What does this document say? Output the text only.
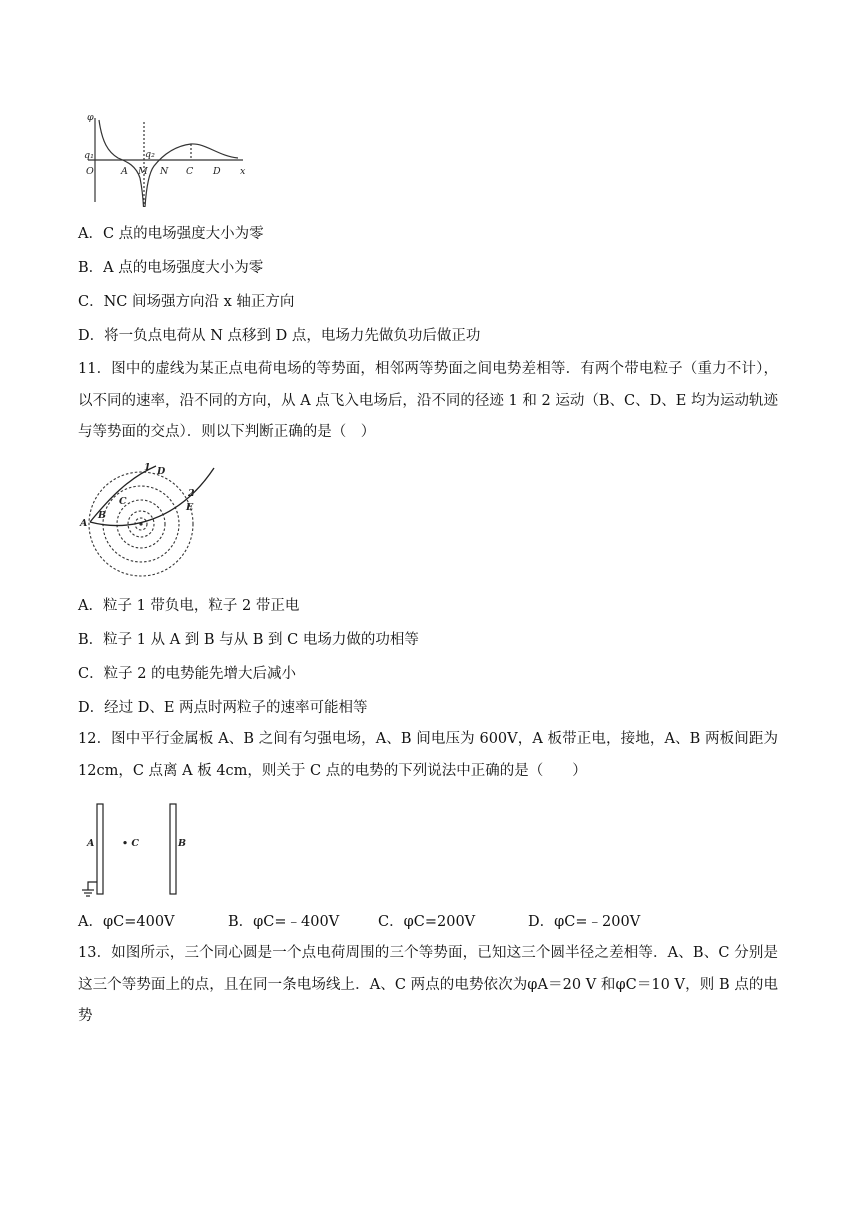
φ
q₁	q₂
O	A M N C D x
A．C 点的电场强度大小为零
B．A 点的电场强度大小为零
C．NC 间场强方向沿 x 轴正方向
D．将一负点电荷从 N 点移到 D 点，电场力先做负功后做正功
11．图中的虚线为某正点电荷电场的等势面，相邻两等势面之间电势差相等．有两个带电粒子（重力不计），以不同的速率，沿不同的方向，从 A 点飞入电场后，沿不同的径迹 1 和 2 运动（B、C、D、E 均为运动轨迹与等势面的交点）．则以下判断正确的是（　）
A
B
C
D
E
1
2
A．粒子 1 带负电，粒子 2 带正电
B．粒子 1 从 A 到 B 与从 B 到 C 电场力做的功相等
C．粒子 2 的电势能先增大后减小
D．经过 D、E 两点时两粒子的速率可能相等
12．图中平行金属板 A、B 之间有匀强电场，A、B 间电压为 600V，A 板带正电，接地，A、B 两板间距为 12cm，C 点离 A 板 4cm，则关于 C 点的电势的下列说法中正确的是（　　）
A	• C	B
A．φC=400V	B．φC=﹣400V	C．φC=200V	D．φC=﹣200V
13．如图所示，三个同心圆是一个点电荷周围的三个等势面，已知这三个圆半径之差相等．A、B、C 分别是这三个等势面上的点，且在同一条电场线上．A、C 两点的电势依次为φA＝20 V 和φC＝10 V，则 B 点的电势
